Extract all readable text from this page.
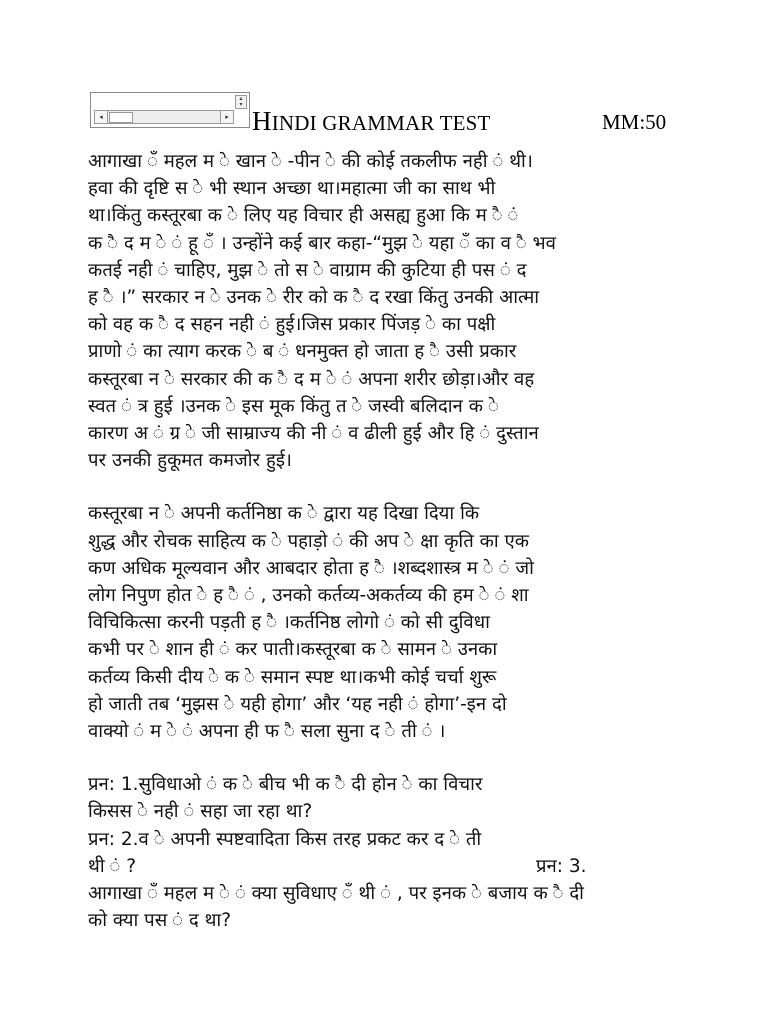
▴
▾
◂	▸ HINDI GRAMMAR TEST	MM:50
आगाखा ँ महल म े खान े -पीन े की कोई तकलीफ नही ं थी।
हवा की दृष्टि स े भी स्थान अच्छा था।महात्मा जी का साथ भी
था।किंतु कस्तूरबा क े लिए यह विचार ही असह्य हुआ कि म ै ं
क ै द म े ं हू ँ । उन्होंने कई बार कहा-“मुझ े यहा ँ का व ै भव
कतई नही ं चाहिए, मुझ े तो स े वाग्राम की कुटिया ही पस ं द
ह ै ।” सरकार न े उनक े रीर को क ै द रखा किंतु उनकी आत्मा
को वह क ै द सहन नही ं हुई।जिस प्रकार पिंजड़ े का पक्षी
प्राणो ं का त्याग करक े ब ं धनमुक्त हो जाता ह ै उसी प्रकार
कस्तूरबा न े सरकार की क ै द म े ं अपना शरीर छोड़ा।और वह
स्वत ं त्र हुई ।उनक े इस मूक किंतु त े जस्वी बलिदान क े
कारण अ ं ग्र े जी साम्राज्य की नी ं व ढीली हुई और हि ं दुस्तान
पर उनकी हुकूमत कमजोर हुई।
कस्तूरबा न े अपनी कर्तनिष्ठा क े द्वारा यह दिखा दिया कि
शुद्ध और रोचक साहित्य क े पहाड़ो ं की अप े क्षा कृति का एक
कण अधिक मूल्यवान और आबदार होता ह ै ।शब्दशास्त्र म े ं जो
लोग निपुण होत े ह ै ं , उनको कर्तव्य-अकर्तव्य की हम े ं शा
विचिकित्सा करनी पड़ती ह ै ।कर्तनिष्ठ लोगो ं को सी दुविधा
कभी पर े शान ही ं कर पाती।कस्तूरबा क े सामन े उनका
कर्तव्य किसी दीय े क े समान स्पष्ट था।कभी कोई चर्चा शुरू
हो जाती तब ‘मुझस े यही होगा’ और ‘यह नही ं होगा’-इन दो
वाक्यो ं म े ं अपना ही फ ै सला सुना द े ती ं ।
प्रन: 1.सुविधाओ ं क े बीच भी क ै दी होन े का विचार
किसस े नही ं सहा जा रहा था?
प्रन: 2.व े अपनी स्पष्टवादिता किस तरह प्रकट कर द े ती
थी ं ?	प्रन: 3.
आगाखा ँ महल म े ं क्या सुविधाए ँ थी ं , पर इनक े बजाय क ै दी
को क्या पस ं द था?
